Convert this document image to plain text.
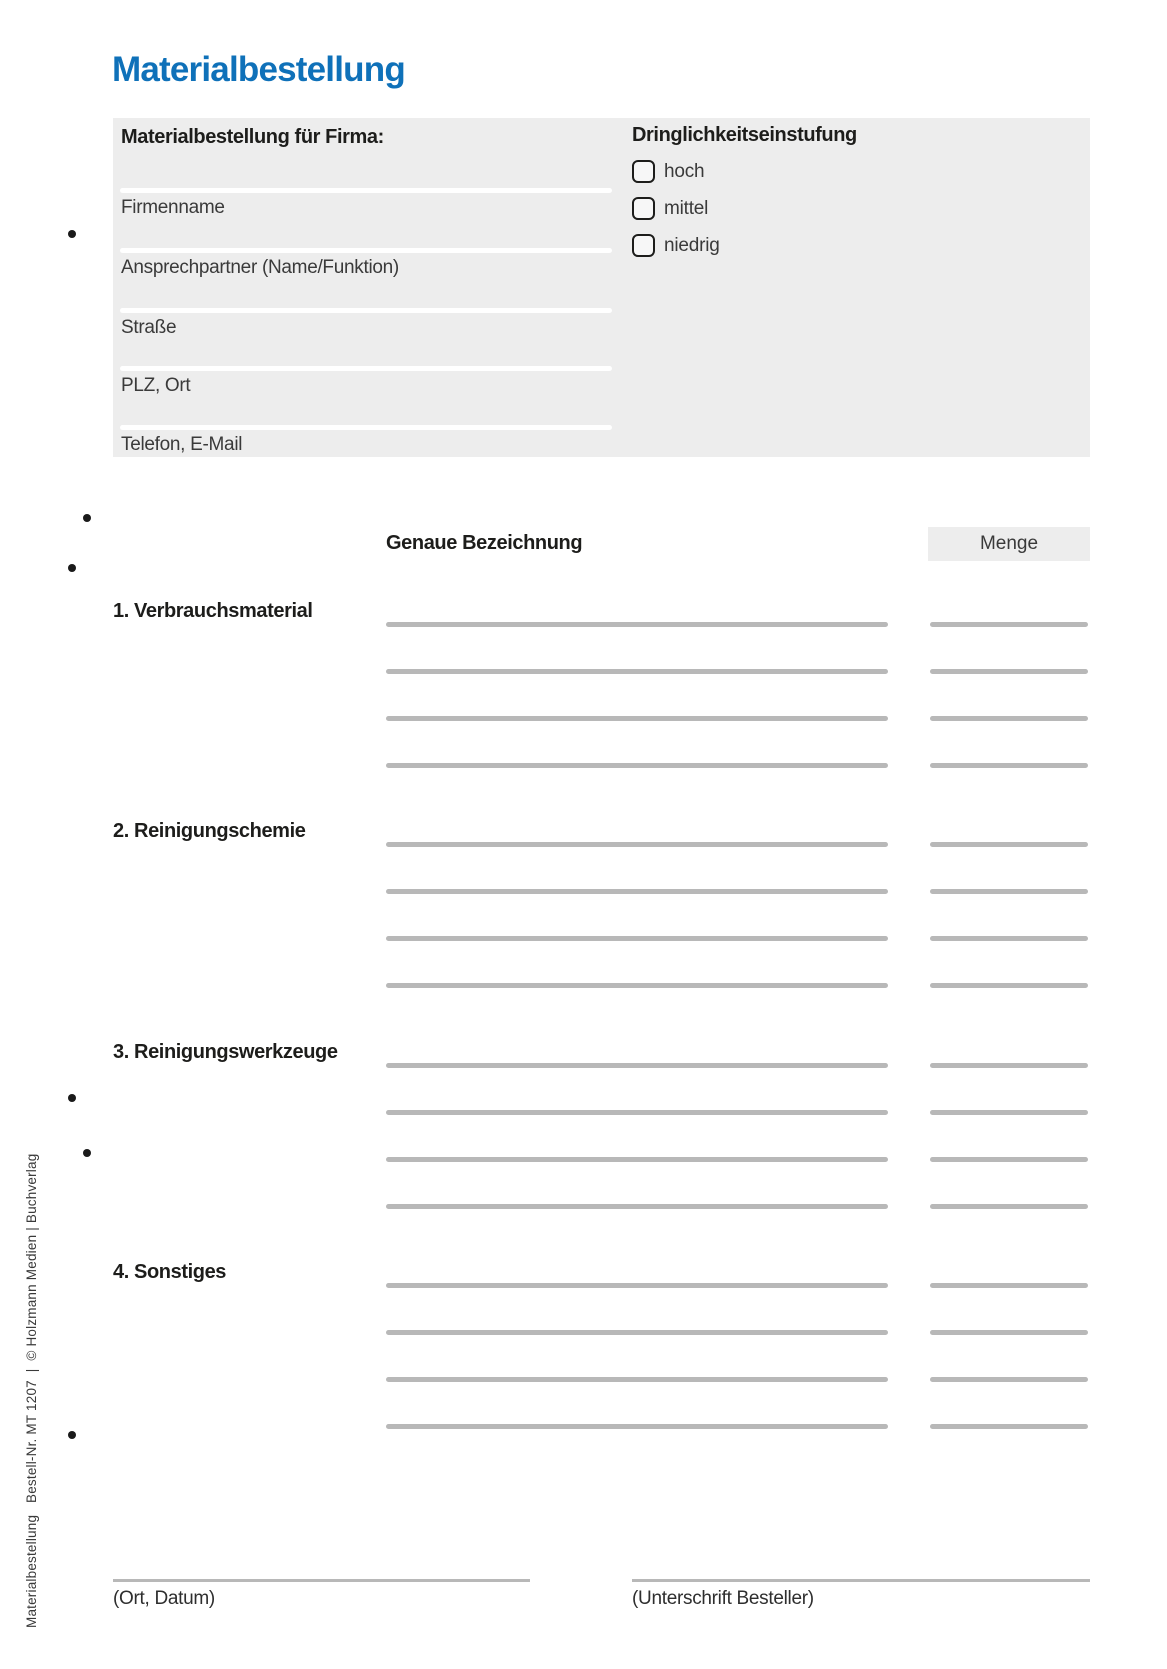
Materialbestellung   Bestell-Nr. MT 1207  |  © Holzmann Medien | Buchverlag
Materialbestellung
Materialbestellung für Firma:
Firmenname
Ansprechpartner (Name/Funktion)
Straße
PLZ, Ort
Telefon, E-Mail
Dringlichkeitseinstufung
hoch
mittel
niedrig
Genaue Bezeichnung	Menge
1. Verbrauchsmaterial
2. Reinigungschemie
3. Reinigungswerkzeuge
4. Sonstiges
(Ort, Datum)	(Unterschrift Besteller)
